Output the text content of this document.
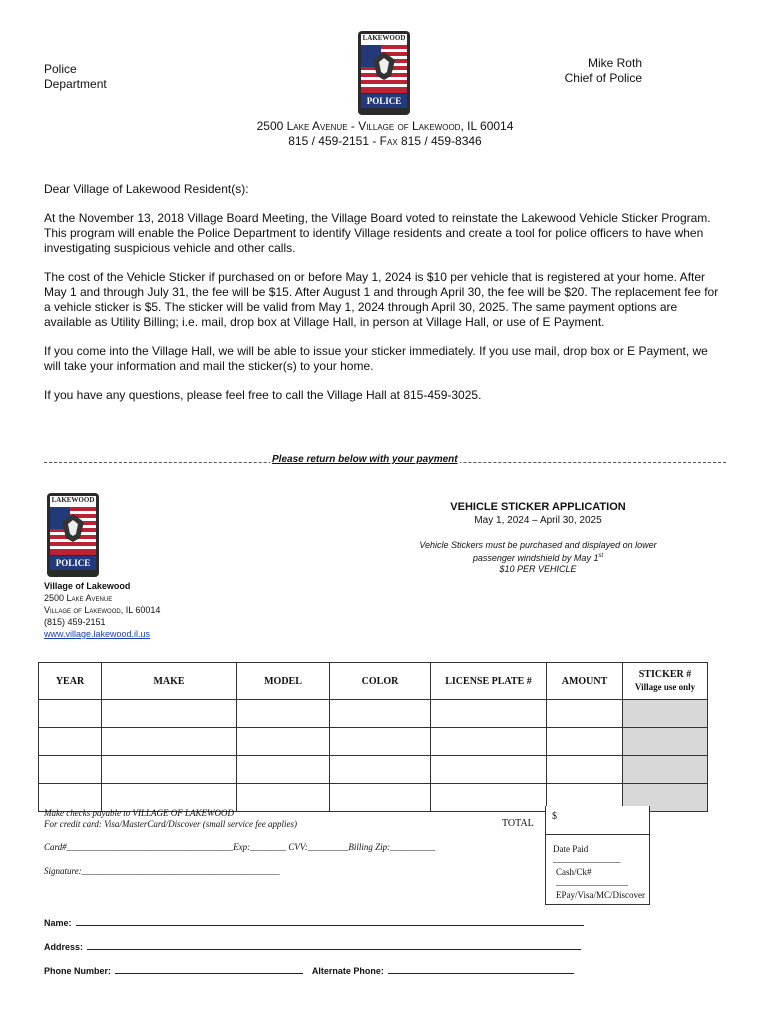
Police
Department
LAKEWOOD
POLICE
Mike Roth
Chief of Police
2500 Lake Avenue - Village of Lakewood, IL 60014
815 / 459-2151 - Fax 815 / 459-8346

Dear Village of Lakewood Resident(s):

At the November 13, 2018 Village Board Meeting, the Village Board voted to reinstate the Lakewood Vehicle Sticker Program. This program will enable the Police Department to identify Village residents and create a tool for police officers to have when investigating suspicious vehicle and other calls.

The cost of the Vehicle Sticker if purchased on or before May 1, 2024 is $10 per vehicle that is registered at your home. After May 1 and through July 31, the fee will be $15. After August 1 and through April 30, the fee will be $20. The replacement fee for a vehicle sticker is $5. The sticker will be valid from May 1, 2024 through April 30, 2025. The same payment options are available as Utility Billing; i.e. mail, drop box at Village Hall, in person at Village Hall, or use of E Payment.

If you come into the Village Hall, we will be able to issue your sticker immediately. If you use mail, drop box or E Payment, we will take your information and mail the sticker(s) to your home.

If you have any questions, please feel free to call the Village Hall at 815-459-3025.

Please return below with your payment
LAKEWOOD
POLICE
Village of Lakewood
2500 Lake Avenue
Village of Lakewood, IL 60014
(815) 459-2151
www.village.lakewood.il.us
VEHICLE STICKER APPLICATION
May 1, 2024 – April 30, 2025
Vehicle Stickers must be purchased and displayed on lower
passenger windshield by May 1st
$10 PER VEHICLE
YEAR	MAKE	MODEL	COLOR	LICENSE PLATE #	AMOUNT	STICKER #
Village use only

Make checks payable to VILLAGE OF LAKEWOOD
For credit card: Visa/MasterCard/Discover (small service fee applies)	TOTAL
$
Date Paid _______________
Cash/Ck# ________________
EPay/Visa/MC/Discover
Card#_____________________________________Exp:________ CVV:_________Billing Zip:__________
Signature:____________________________________________
Name:
Address:
Phone Number:	Alternate Phone:
